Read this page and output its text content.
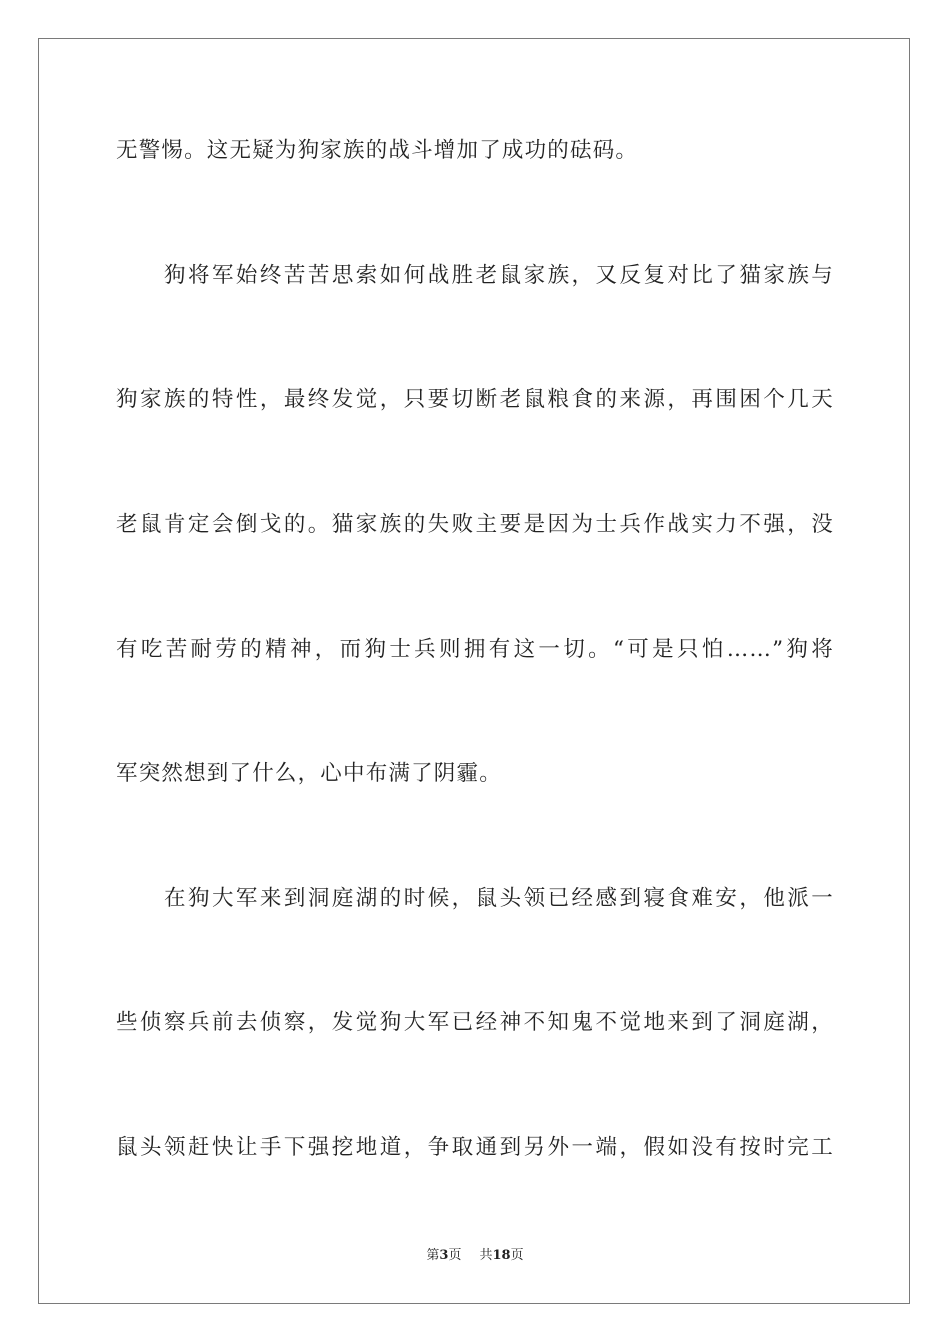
无警惕。这无疑为狗家族的战斗增加了成功的砝码。
狗将军始终苦苦思索如何战胜老鼠家族，又反复对比了猫家族与
狗家族的特性，最终发觉，只要切断老鼠粮食的来源，再围困个几天
老鼠肯定会倒戈的。猫家族的失败主要是因为士兵作战实力不强，没
有吃苦耐劳的精神，而狗士兵则拥有这一切。“可是只怕……”狗将
军突然想到了什么，心中布满了阴霾。
在狗大军来到洞庭湖的时候，鼠头领已经感到寝食难安，他派一
些侦察兵前去侦察，发觉狗大军已经神不知鬼不觉地来到了洞庭湖，
鼠头领赶快让手下强挖地道，争取通到另外一端，假如没有按时完工
第3页 共18页
